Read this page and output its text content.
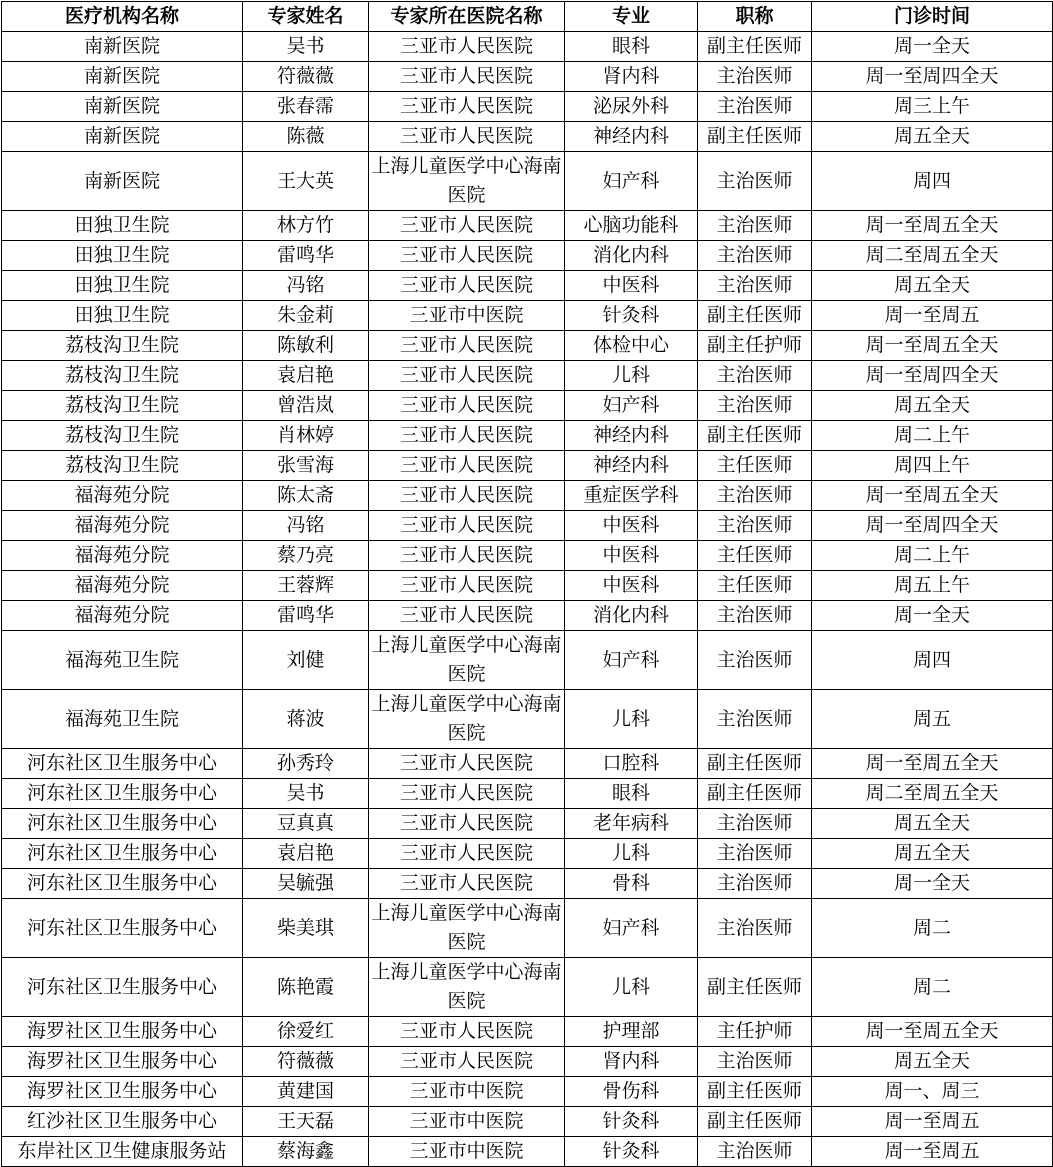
医疗机构名称	专家姓名	专家所在医院名称	专业	职称	门诊时间
南新医院	吴书	三亚市人民医院	眼科	副主任医师	周一全天
南新医院	符薇薇	三亚市人民医院	肾内科	主治医师	周一至周四全天
南新医院	张春霈	三亚市人民医院	泌尿外科	主治医师	周三上午
南新医院	陈薇	三亚市人民医院	神经内科	副主任医师	周五全天
南新医院	王大英	上海儿童医学中心海南医院	妇产科	主治医师	周四
田独卫生院	林方竹	三亚市人民医院	心脑功能科	主治医师	周一至周五全天
田独卫生院	雷鸣华	三亚市人民医院	消化内科	主治医师	周二至周五全天
田独卫生院	冯铭	三亚市人民医院	中医科	主治医师	周五全天
田独卫生院	朱金莉	三亚市中医院	针灸科	副主任医师	周一至周五
荔枝沟卫生院	陈敏利	三亚市人民医院	体检中心	副主任护师	周一至周五全天
荔枝沟卫生院	袁启艳	三亚市人民医院	儿科	主治医师	周一至周四全天
荔枝沟卫生院	曾浩岚	三亚市人民医院	妇产科	主治医师	周五全天
荔枝沟卫生院	肖林婷	三亚市人民医院	神经内科	副主任医师	周二上午
荔枝沟卫生院	张雪海	三亚市人民医院	神经内科	主任医师	周四上午
福海苑分院	陈太斋	三亚市人民医院	重症医学科	主治医师	周一至周五全天
福海苑分院	冯铭	三亚市人民医院	中医科	主治医师	周一至周四全天
福海苑分院	蔡乃亮	三亚市人民医院	中医科	主任医师	周二上午
福海苑分院	王蓉辉	三亚市人民医院	中医科	主任医师	周五上午
福海苑分院	雷鸣华	三亚市人民医院	消化内科	主治医师	周一全天
福海苑卫生院	刘健	上海儿童医学中心海南医院	妇产科	主治医师	周四
福海苑卫生院	蒋波	上海儿童医学中心海南医院	儿科	主治医师	周五
河东社区卫生服务中心	孙秀玲	三亚市人民医院	口腔科	副主任医师	周一至周五全天
河东社区卫生服务中心	吴书	三亚市人民医院	眼科	副主任医师	周二至周五全天
河东社区卫生服务中心	豆真真	三亚市人民医院	老年病科	主治医师	周五全天
河东社区卫生服务中心	袁启艳	三亚市人民医院	儿科	主治医师	周五全天
河东社区卫生服务中心	吴毓强	三亚市人民医院	骨科	主治医师	周一全天
河东社区卫生服务中心	柴美琪	上海儿童医学中心海南医院	妇产科	主治医师	周二
河东社区卫生服务中心	陈艳霞	上海儿童医学中心海南医院	儿科	副主任医师	周二
海罗社区卫生服务中心	徐爱红	三亚市人民医院	护理部	主任护师	周一至周五全天
海罗社区卫生服务中心	符薇薇	三亚市人民医院	肾内科	主治医师	周五全天
海罗社区卫生服务中心	黄建国	三亚市中医院	骨伤科	副主任医师	周一、周三
红沙社区卫生服务中心	王天磊	三亚市中医院	针灸科	副主任医师	周一至周五
东岸社区卫生健康服务站	蔡海鑫	三亚市中医院	针灸科	主治医师	周一至周五
